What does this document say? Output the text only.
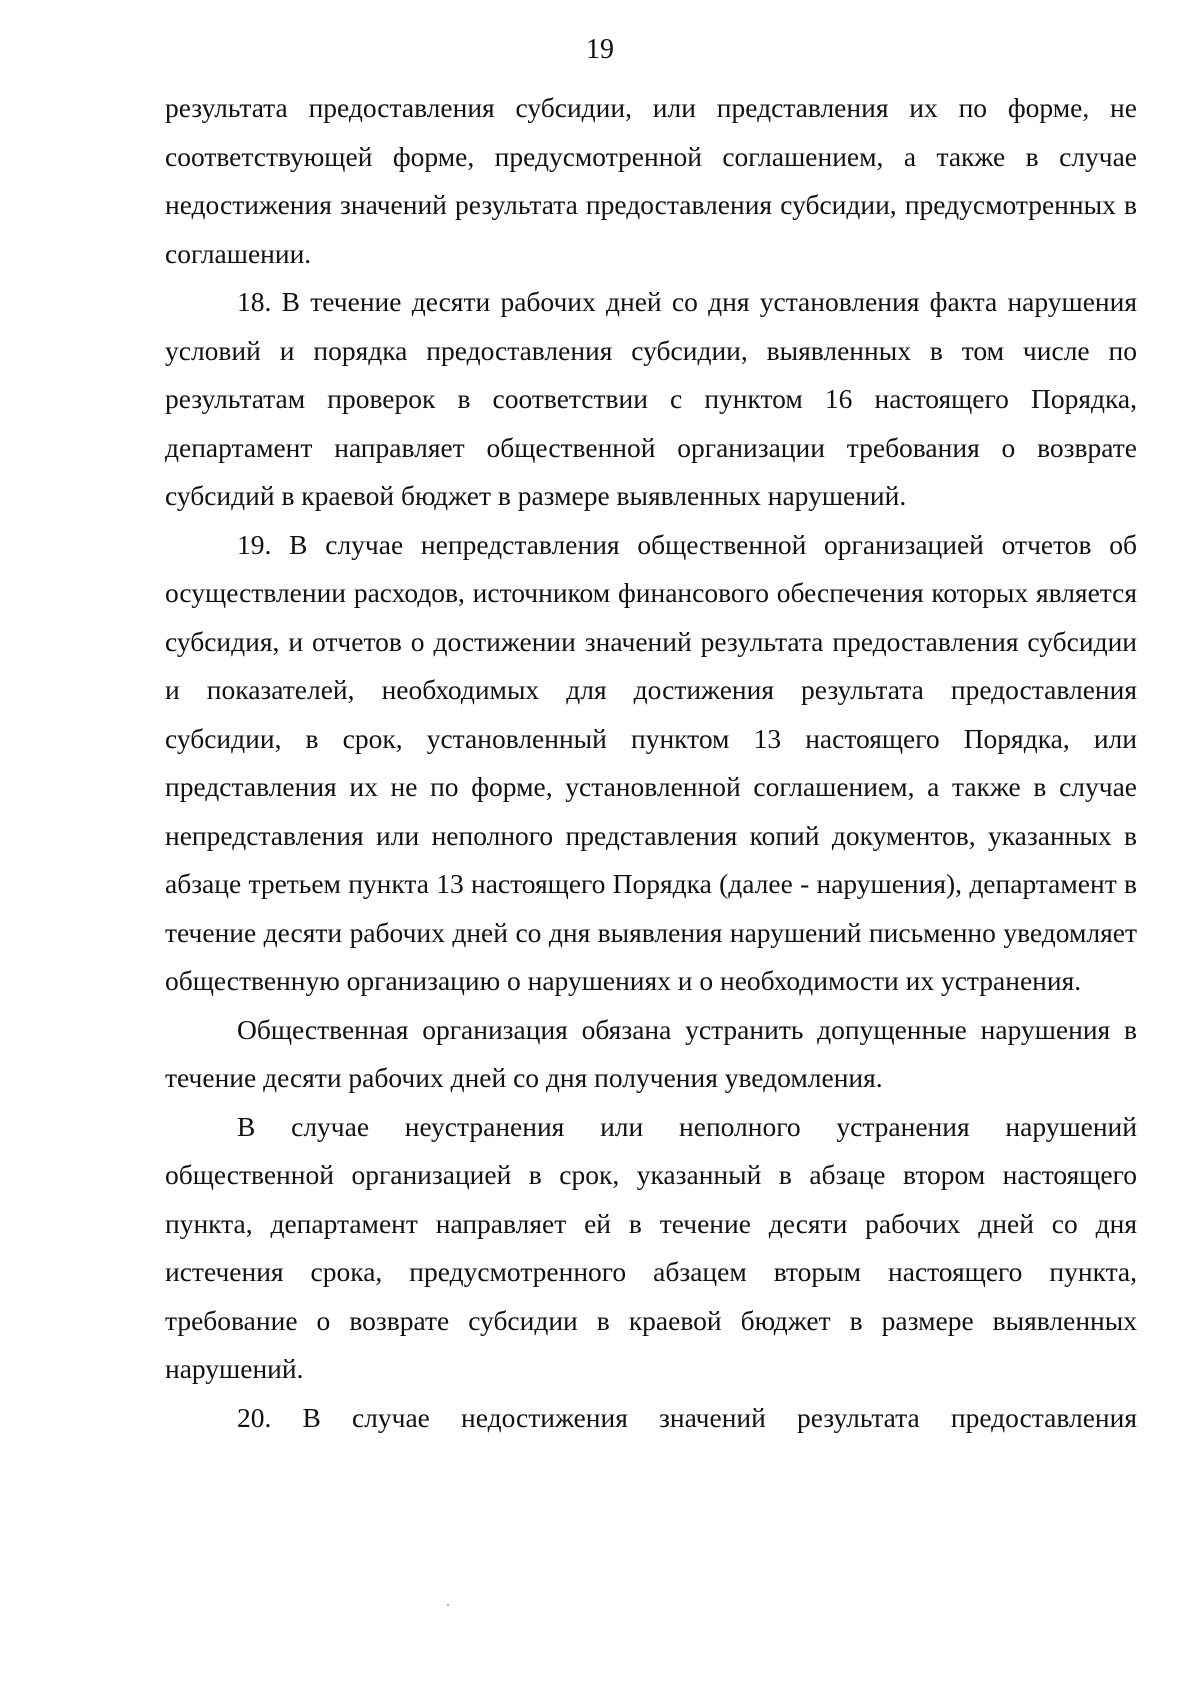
19

результата предоставления субсидии, или представления их по форме, не соответствующей форме, предусмотренной соглашением, а также в случае недостижения значений результата предоставления субсидии, предусмотренных в соглашении.

18. В течение десяти рабочих дней со дня установления факта нарушения условий и порядка предоставления субсидии, выявленных в том числе по результатам проверок в соответствии с пунктом 16 настоящего Порядка, департамент направляет общественной организации требования о возврате субсидий в краевой бюджет в размере выявленных нарушений.

19. В случае непредставления общественной организацией отчетов об осуществлении расходов, источником финансового обеспечения которых является субсидия, и отчетов о достижении значений результата предоставления субсидии и показателей, необходимых для достижения результата предоставления субсидии, в срок, установленный пунктом 13 настоящего Порядка, или представления их не по форме, установленной соглашением, а также в случае непредставления или неполного представления копий документов, указанных в абзаце третьем пункта 13 настоящего Порядка (далее - нарушения), департамент в течение десяти рабочих дней со дня выявления нарушений письменно уведомляет общественную организацию о нарушениях и о необходимости их устранения.

Общественная организация обязана устранить допущенные нарушения в течение десяти рабочих дней со дня получения уведомления.

В случае неустранения или неполного устранения нарушений общественной организацией в срок, указанный в абзаце втором настоящего пункта, департамент направляет ей в течение десяти рабочих дней со дня истечения срока, предусмотренного абзацем вторым настоящего пункта, требование о возврате субсидии в краевой бюджет в размере выявленных нарушений.

20. В случае недостижения значений результата предоставления
